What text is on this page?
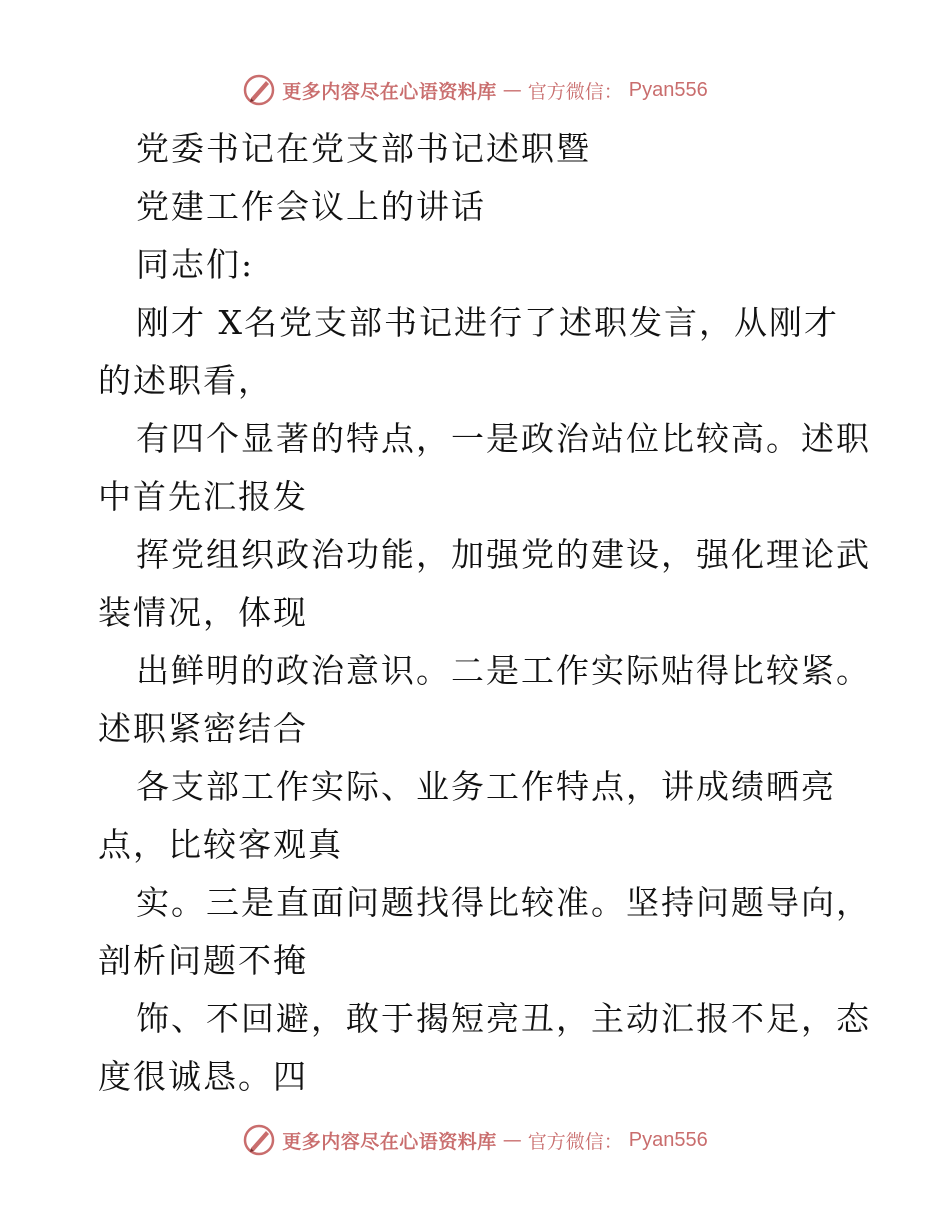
更多内容尽在心语资料库 — 官方微信： Pyan556
党委书记在党支部书记述职暨
党建工作会议上的讲话
同志们:
刚才 X名党支部书记进行了述职发言，从刚才
的述职看，
有四个显著的特点，一是政治站位比较高。述职
中首先汇报发
挥党组织政治功能，加强党的建设，强化理论武
装情况，体现
出鲜明的政治意识。二是工作实际贴得比较紧。
述职紧密结合
各支部工作实际、业务工作特点，讲成绩晒亮
点，比较客观真
实。三是直面问题找得比较准。坚持问题导向，
剖析问题不掩
饰、不回避，敢于揭短亮丑，主动汇报不足，态
度很诚恳。四
更多内容尽在心语资料库 — 官方微信： Pyan556
